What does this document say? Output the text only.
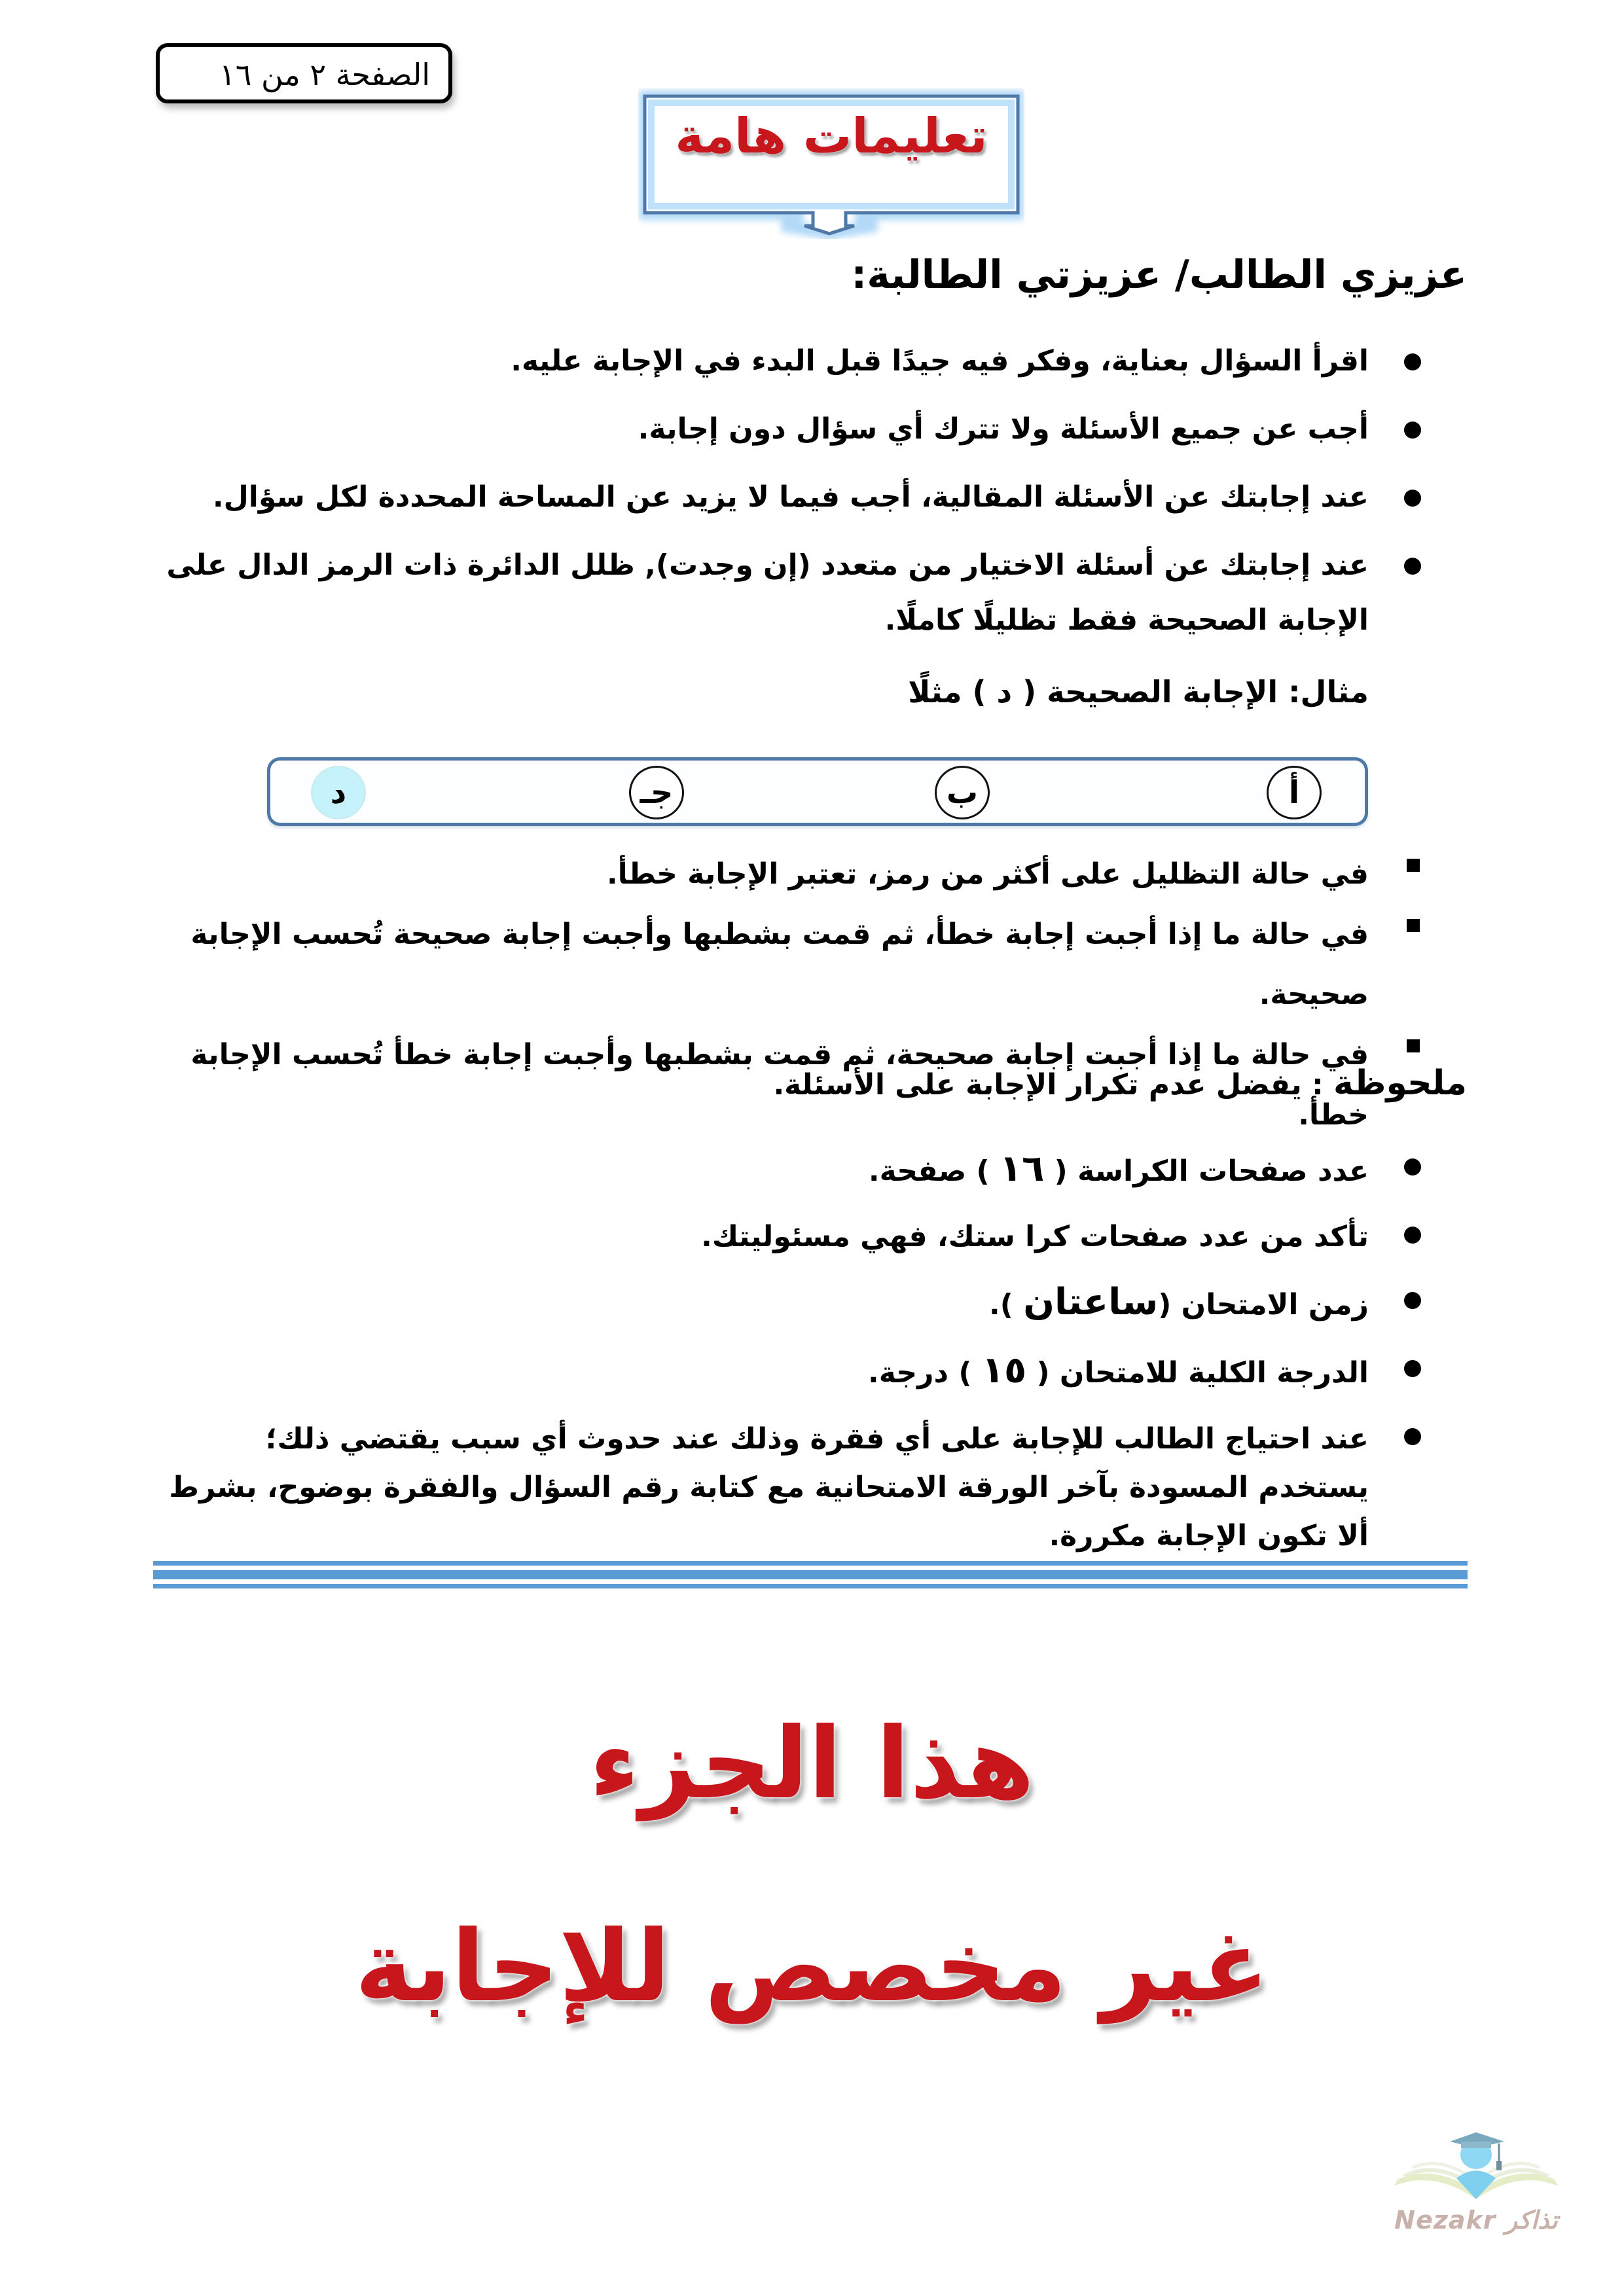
الصفحة ٢ من ١٦
تعليمات هامة
عزيزي الطالب/ عزيزتي الطالبة:
اقرأ السؤال بعناية، وفكر فيه جيدًا قبل البدء في الإجابة عليه.
أجب عن جميع الأسئلة ولا تترك أي سؤال دون إجابة.
عند إجابتك عن الأسئلة المقالية، أجب فيما لا يزيد عن المساحة المحددة لكل سؤال.
عند إجابتك عن أسئلة الاختيار من متعدد (إن وجدت), ظلل الدائرة ذات الرمز الدال على الإجابة الصحيحة فقط تظليلًا كاملًا.
مثال: الإجابة الصحيحة ( د ) مثلًا
أ
ب
جـ
د
في حالة التظليل على أكثر من رمز، تعتبر الإجابة خطأ.
في حالة ما إذا أجبت إجابة خطأ، ثم قمت بشطبها وأجبت إجابة صحيحة تُحسب الإجابة صحيحة.
في حالة ما إذا أجبت إجابة صحيحة، ثم قمت بشطبها وأجبت إجابة خطأ تُحسب الإجابة خطأ.
ملحوظة : يفضل عدم تكرار الإجابة على الأسئلة.
عدد صفحات الكراسة ( ١٦ ) صفحة.
تأكد من عدد صفحات كرا ستك، فهي مسئوليتك.
زمن الامتحان (ساعتان ).
الدرجة الكلية للامتحان ( ١٥ ) درجة.
عند احتياج الطالب للإجابة على أي فقرة وذلك عند حدوث أي سبب يقتضي ذلك؛ يستخدم المسودة بآخر الورقة الامتحانية مع كتابة رقم السؤال والفقرة بوضوح، بشرط ألا تكون الإجابة مكررة.
هذا الجزء
غير مخصص للإجابة
Nezakr تذاكر
